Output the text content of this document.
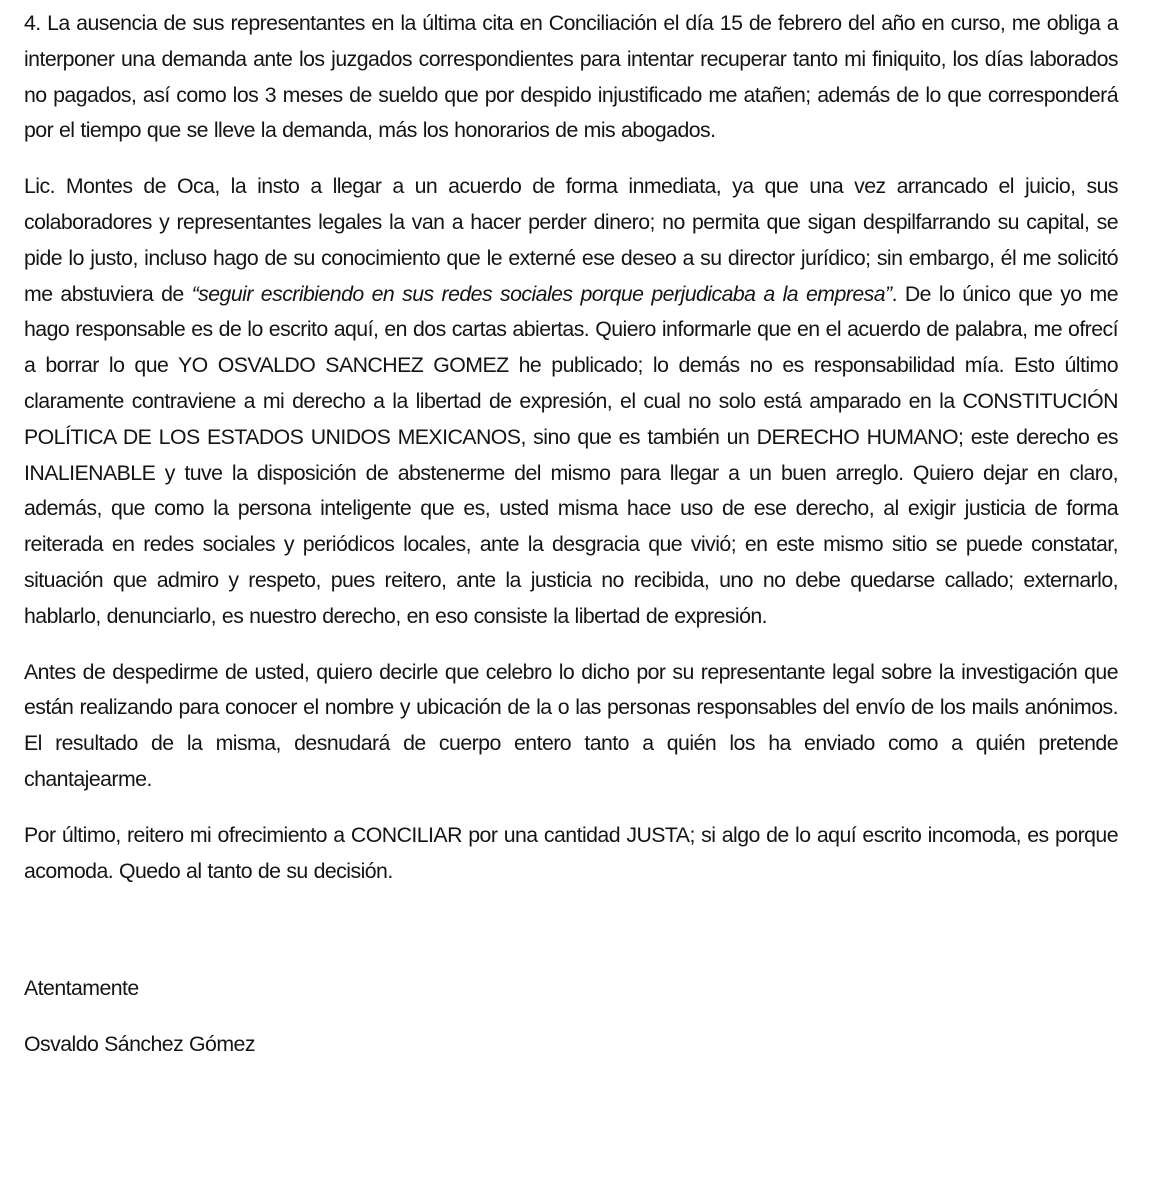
4. La ausencia de sus representantes en la última cita en Conciliación el día 15 de febrero del año en curso, me obliga a interponer una demanda ante los juzgados correspondientes para intentar recuperar tanto mi finiquito, los días laborados no pagados, así como los 3 meses de sueldo que por despido injustificado me atañen; además de lo que corresponderá por el tiempo que se lleve la demanda, más los honorarios de mis abogados.

Lic. Montes de Oca, la insto a llegar a un acuerdo de forma inmediata, ya que una vez arrancado el juicio, sus colaboradores y representantes legales la van a hacer perder dinero; no permita que sigan despilfarrando su capital, se pide lo justo, incluso hago de su conocimiento que le externé ese deseo a su director jurídico; sin embargo, él me solicitó me abstuviera de “seguir escribiendo en sus redes sociales porque perjudicaba a la empresa”. De lo único que yo me hago responsable es de lo escrito aquí, en dos cartas abiertas. Quiero informarle que en el acuerdo de palabra, me ofrecí a borrar lo que YO OSVALDO SANCHEZ GOMEZ he publicado; lo demás no es responsabilidad mía. Esto último claramente contraviene a mi derecho a la libertad de expresión, el cual no solo está amparado en la CONSTITUCIÓN POLÍTICA DE LOS ESTADOS UNIDOS MEXICANOS, sino que es también un DERECHO HUMANO; este derecho es INALIENABLE y tuve la disposición de abstenerme del mismo para llegar a un buen arreglo. Quiero dejar en claro, además, que como la persona inteligente que es, usted misma hace uso de ese derecho, al exigir justicia de forma reiterada en redes sociales y periódicos locales, ante la desgracia que vivió; en este mismo sitio se puede constatar, situación que admiro y respeto, pues reitero, ante la justicia no recibida, uno no debe quedarse callado; externarlo, hablarlo, denunciarlo, es nuestro derecho, en eso consiste la libertad de expresión.

Antes de despedirme de usted, quiero decirle que celebro lo dicho por su representante legal sobre la investigación que están realizando para conocer el nombre y ubicación de la o las personas responsables del envío de los mails anónimos. El resultado de la misma, desnudará de cuerpo entero tanto a quién los ha enviado como a quién pretende chantajearme.

Por último, reitero mi ofrecimiento a CONCILIAR por una cantidad JUSTA; si algo de lo aquí escrito incomoda, es porque acomoda. Quedo al tanto de su decisión.

Atentamente

Osvaldo Sánchez Gómez
